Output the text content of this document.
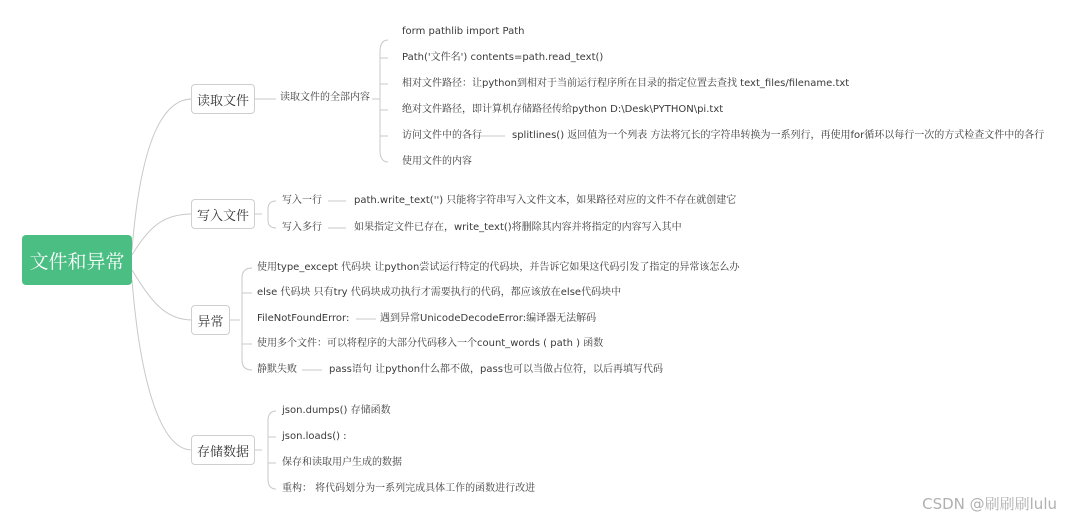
文件和异常
读取文件
写入文件
异常
存储数据
读取文件的全部内容
form pathlib import Path
Path('文件名') contents=path.read_text()
相对文件路径：让python到相对于当前运行程序所在目录的指定位置去查找 text_files/filename.txt
绝对文件路径，即计算机存储路径传给python D:\Desk\PYTHON\pi.txt
访问文件中的各行	splitlines() 返回值为一个列表 方法将冗长的字符串转换为一系列行，再使用for循环以每行一次的方式检查文件中的各行
使用文件的内容
写入一行	path.write_text('') 只能将字符串写入文件文本，如果路径对应的文件不存在就创建它
写入多行	如果指定文件已存在，write_text()将删除其内容并将指定的内容写入其中
使用type_except 代码块 让python尝试运行特定的代码块，并告诉它如果这代码引发了指定的异常该怎么办
else 代码块 只有try 代码块成功执行才需要执行的代码，都应该放在else代码块中
FileNotFoundError:	遇到异常UnicodeDecodeError:编译器无法解码
使用多个文件：可以将程序的大部分代码移入一个count_words ( path ) 函数
静默失败	pass语句 让python什么都不做，pass也可以当做占位符，以后再填写代码
json.dumps() 存储函数
json.loads() :
保存和读取用户生成的数据
重构： 将代码划分为一系列完成具体工作的函数进行改进
CSDN @刷刷刷lulu
